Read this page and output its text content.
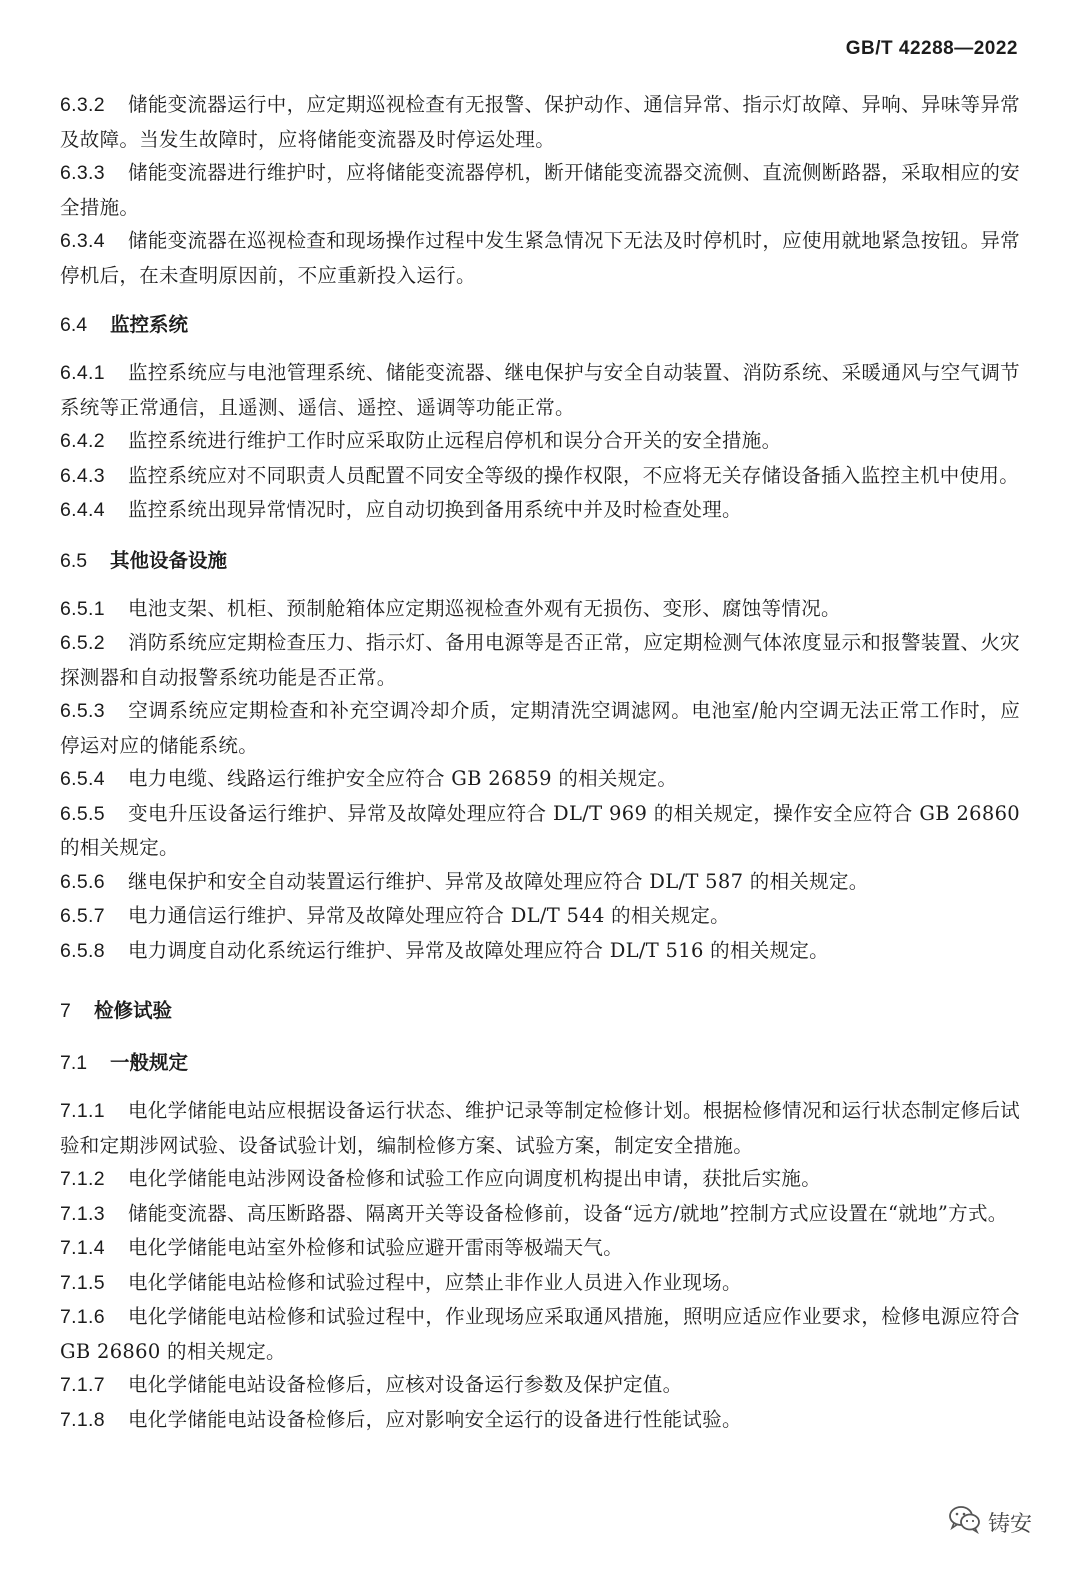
GB/T 42288—2022

6.3.2 储能变流器运行中，应定期巡视检查有无报警、保护动作、通信异常、指示灯故障、异响、异味等异常及故障。当发生故障时，应将储能变流器及时停运处理。

6.3.3 储能变流器进行维护时，应将储能变流器停机，断开储能变流器交流侧、直流侧断路器，采取相应的安全措施。

6.3.4 储能变流器在巡视检查和现场操作过程中发生紧急情况下无法及时停机时，应使用就地紧急按钮。异常停机后，在未查明原因前，不应重新投入运行。

6.4 监控系统

6.4.1 监控系统应与电池管理系统、储能变流器、继电保护与安全自动装置、消防系统、采暖通风与空气调节系统等正常通信，且遥测、遥信、遥控、遥调等功能正常。

6.4.2 监控系统进行维护工作时应采取防止远程启停机和误分合开关的安全措施。

6.4.3 监控系统应对不同职责人员配置不同安全等级的操作权限，不应将无关存储设备插入监控主机中使用。

6.4.4 监控系统出现异常情况时，应自动切换到备用系统中并及时检查处理。

6.5 其他设备设施

6.5.1 电池支架、机柜、预制舱箱体应定期巡视检查外观有无损伤、变形、腐蚀等情况。

6.5.2 消防系统应定期检查压力、指示灯、备用电源等是否正常，应定期检测气体浓度显示和报警装置、火灾探测器和自动报警系统功能是否正常。

6.5.3 空调系统应定期检查和补充空调冷却介质，定期清洗空调滤网。电池室/舱内空调无法正常工作时，应停运对应的储能系统。

6.5.4 电力电缆、线路运行维护安全应符合 GB 26859 的相关规定。

6.5.5 变电升压设备运行维护、异常及故障处理应符合 DL/T 969 的相关规定，操作安全应符合 GB 26860 的相关规定。

6.5.6 继电保护和安全自动装置运行维护、异常及故障处理应符合 DL/T 587 的相关规定。

6.5.7 电力通信运行维护、异常及故障处理应符合 DL/T 544 的相关规定。

6.5.8 电力调度自动化系统运行维护、异常及故障处理应符合 DL/T 516 的相关规定。

7 检修试验
7.1 一般规定

7.1.1 电化学储能电站应根据设备运行状态、维护记录等制定检修计划。根据检修情况和运行状态制定修后试验和定期涉网试验、设备试验计划，编制检修方案、试验方案，制定安全措施。

7.1.2 电化学储能电站涉网设备检修和试验工作应向调度机构提出申请，获批后实施。

7.1.3 储能变流器、高压断路器、隔离开关等设备检修前，设备“远方/就地”控制方式应设置在“就地”方式。

7.1.4 电化学储能电站室外检修和试验应避开雷雨等极端天气。

7.1.5 电化学储能电站检修和试验过程中，应禁止非作业人员进入作业现场。

7.1.6 电化学储能电站检修和试验过程中，作业现场应采取通风措施，照明应适应作业要求，检修电源应符合 GB 26860 的相关规定。

7.1.7 电化学储能电站设备检修后，应核对设备运行参数及保护定值。

7.1.8 电化学储能电站设备检修后，应对影响安全运行的设备进行性能试验。

铸安
